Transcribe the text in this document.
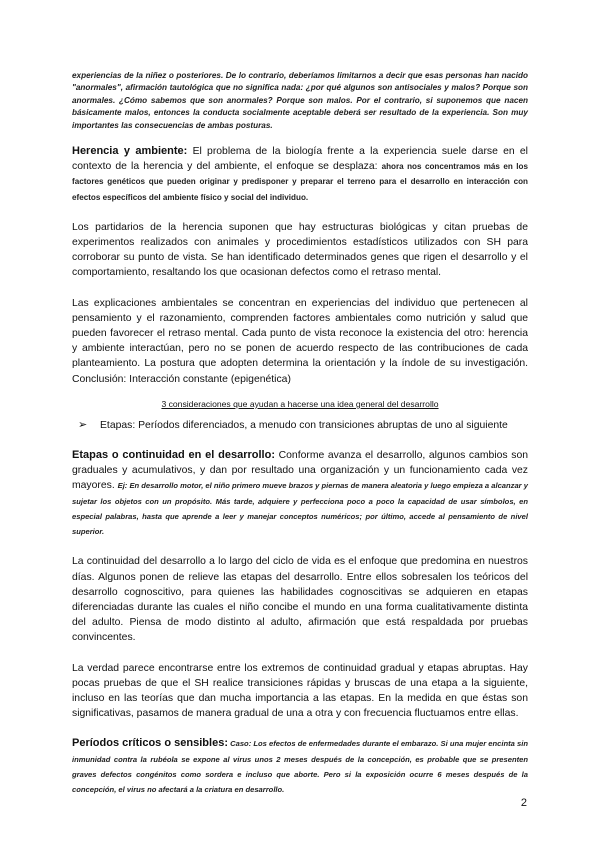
experiencias de la niñez o posteriores. De lo contrario, deberíamos limitarnos a decir que esas personas han nacido "anormales", afirmación tautológica que no significa nada: ¿por qué algunos son antisociales y malos? Porque son anormales. ¿Cómo sabemos que son anormales? Porque son malos. Por el contrario, si suponemos que nacen básicamente malos, entonces la conducta socialmente aceptable deberá ser resultado de la experiencia. Son muy importantes las consecuencias de ambas posturas.

Herencia y ambiente: El problema de la biología frente a la experiencia suele darse en el contexto de la herencia y del ambiente, el enfoque se desplaza: ahora nos concentramos más en los factores genéticos que pueden originar y predisponer y preparar el terreno para el desarrollo en interacción con efectos específicos del ambiente físico y social del individuo.

Los partidarios de la herencia suponen que hay estructuras biológicas y citan pruebas de experimentos realizados con animales y procedimientos estadísticos utilizados con SH para corroborar su punto de vista. Se han identificado determinados genes que rigen el desarrollo y el comportamiento, resaltando los que ocasionan defectos como el retraso mental.

Las explicaciones ambientales se concentran en experiencias del individuo que pertenecen al pensamiento y el razonamiento, comprenden factores ambientales como nutrición y salud que pueden favorecer el retraso mental. Cada punto de vista reconoce la existencia del otro: herencia y ambiente interactúan, pero no se ponen de acuerdo respecto de las contribuciones de cada planteamiento. La postura que adopten determina la orientación y la índole de su investigación. Conclusión: Interacción constante (epigenética)

3 consideraciones que ayudan a hacerse una idea general del desarrollo

➢	Etapas: Períodos diferenciados, a menudo con transiciones abruptas de uno al siguiente

Etapas o continuidad en el desarrollo: Conforme avanza el desarrollo, algunos cambios son graduales y acumulativos, y dan por resultado una organización y un funcionamiento cada vez mayores. Ej: En desarrollo motor, el niño primero mueve brazos y piernas de manera aleatoria y luego empieza a alcanzar y sujetar los objetos con un propósito. Más tarde, adquiere y perfecciona poco a poco la capacidad de usar símbolos, en especial palabras, hasta que aprende a leer y manejar conceptos numéricos; por último, accede al pensamiento de nivel superior.

La continuidad del desarrollo a lo largo del ciclo de vida es el enfoque que predomina en nuestros días. Algunos ponen de relieve las etapas del desarrollo. Entre ellos sobresalen los teóricos del desarrollo cognoscitivo, para quienes las habilidades cognoscitivas se adquieren en etapas diferenciadas durante las cuales el niño concibe el mundo en una forma cualitativamente distinta del adulto. Piensa de modo distinto al adulto, afirmación que está respaldada por pruebas convincentes.

La verdad parece encontrarse entre los extremos de continuidad gradual y etapas abruptas. Hay pocas pruebas de que el SH realice transiciones rápidas y bruscas de una etapa a la siguiente, incluso en las teorías que dan mucha importancia a las etapas. En la medida en que éstas son significativas, pasamos de manera gradual de una a otra y con frecuencia fluctuamos entre ellas.

Períodos críticos o sensibles: Caso: Los efectos de enfermedades durante el embarazo. Si una mujer encinta sin inmunidad contra la rubéola se expone al virus unos 2 meses después de la concepción, es probable que se presenten graves defectos congénitos como sordera e incluso que aborte. Pero si la exposición ocurre 6 meses después de la concepción, el virus no afectará a la criatura en desarrollo.

2
